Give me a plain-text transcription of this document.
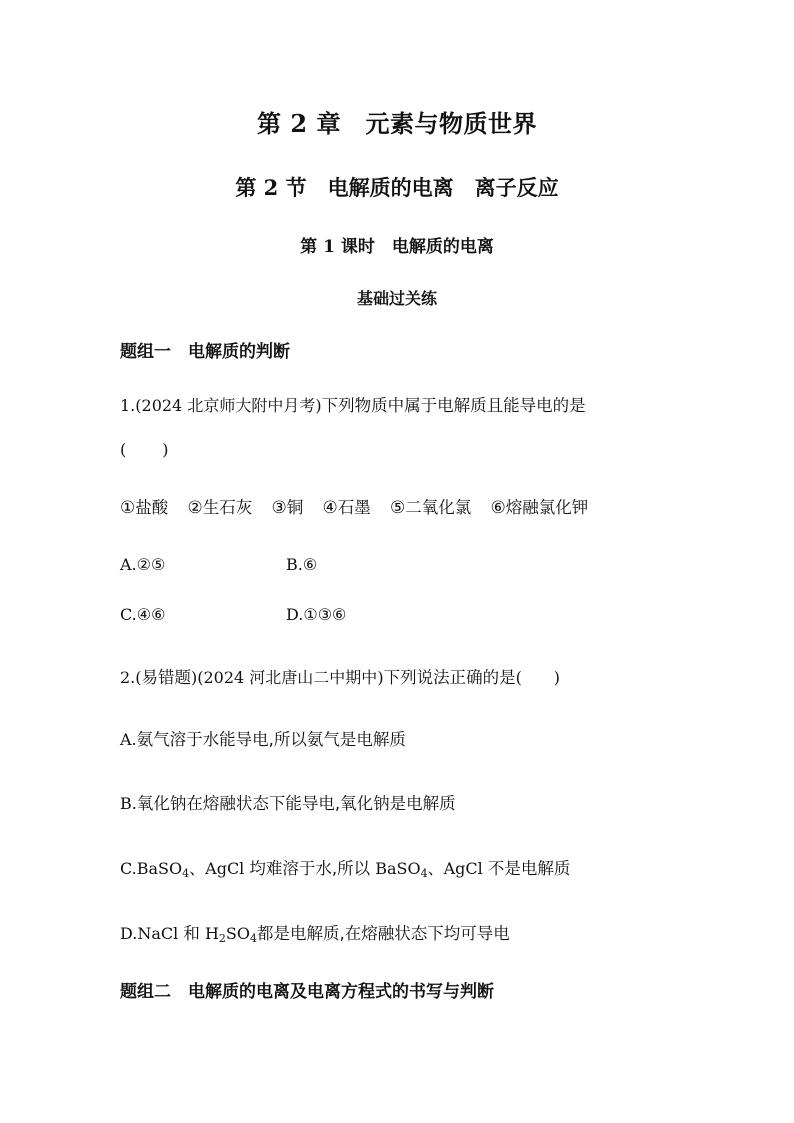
第 2 章　元素与物质世界
第 2 节　电解质的电离　离子反应
第 1 课时　电解质的电离
基础过关练
题组一　电解质的判断
1.(2024 北京师大附中月考)下列物质中属于电解质且能导电的是
( )
①盐酸 ②生石灰 ③铜 ④石墨 ⑤二氧化氯 ⑥熔融氯化钾
A.②⑤	B.⑥
C.④⑥	D.①③⑥
2.(易错题)(2024 河北唐山二中期中)下列说法正确的是(　　)
A.氨气溶于水能导电,所以氨气是电解质
B.氧化钠在熔融状态下能导电,氧化钠是电解质
C.BaSO$_4$、AgCl 均难溶于水,所以 BaSO$_4$、AgCl 不是电解质
D.NaCl 和 $H_2SO_4$都是电解质,在熔融状态下均可导电
题组二　电解质的电离及电离方程式的书写与判断
